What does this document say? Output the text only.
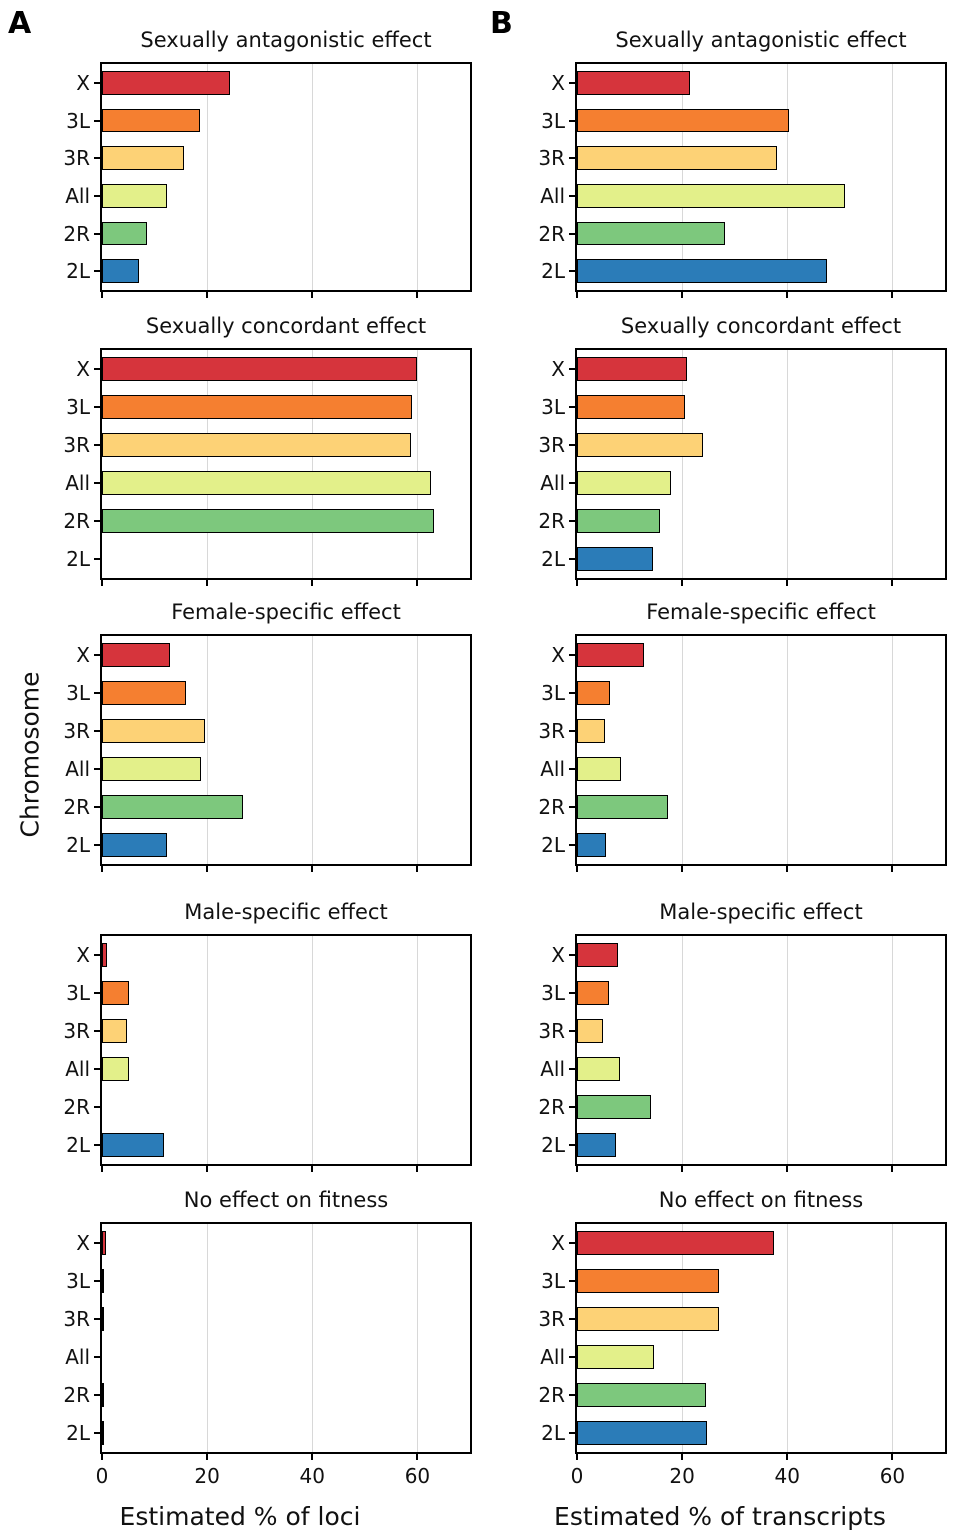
A	B
Chromosome
Sexually antagonistic effect
X
3L
3R
All
2R
2L
Sexually concordant effect
X
3L
3R
All
2R
2L
Female-specific effect
X
3L
3R
All
2R
2L
Male-specific effect
X
3L
3R
All
2R
2L
No effect on fitness
X
3L
3R
All
2R
2L
0	20	40	60
Sexually antagonistic effect
X
3L
3R
All
2R
2L
Sexually concordant effect
X
3L
3R
All
2R
2L
Female-specific effect
X
3L
3R
All
2R
2L
Male-specific effect
X
3L
3R
All
2R
2L
No effect on fitness
X
3L
3R
All
2R
2L
0	20	40	60
Estimated % of loci	Estimated % of transcripts
